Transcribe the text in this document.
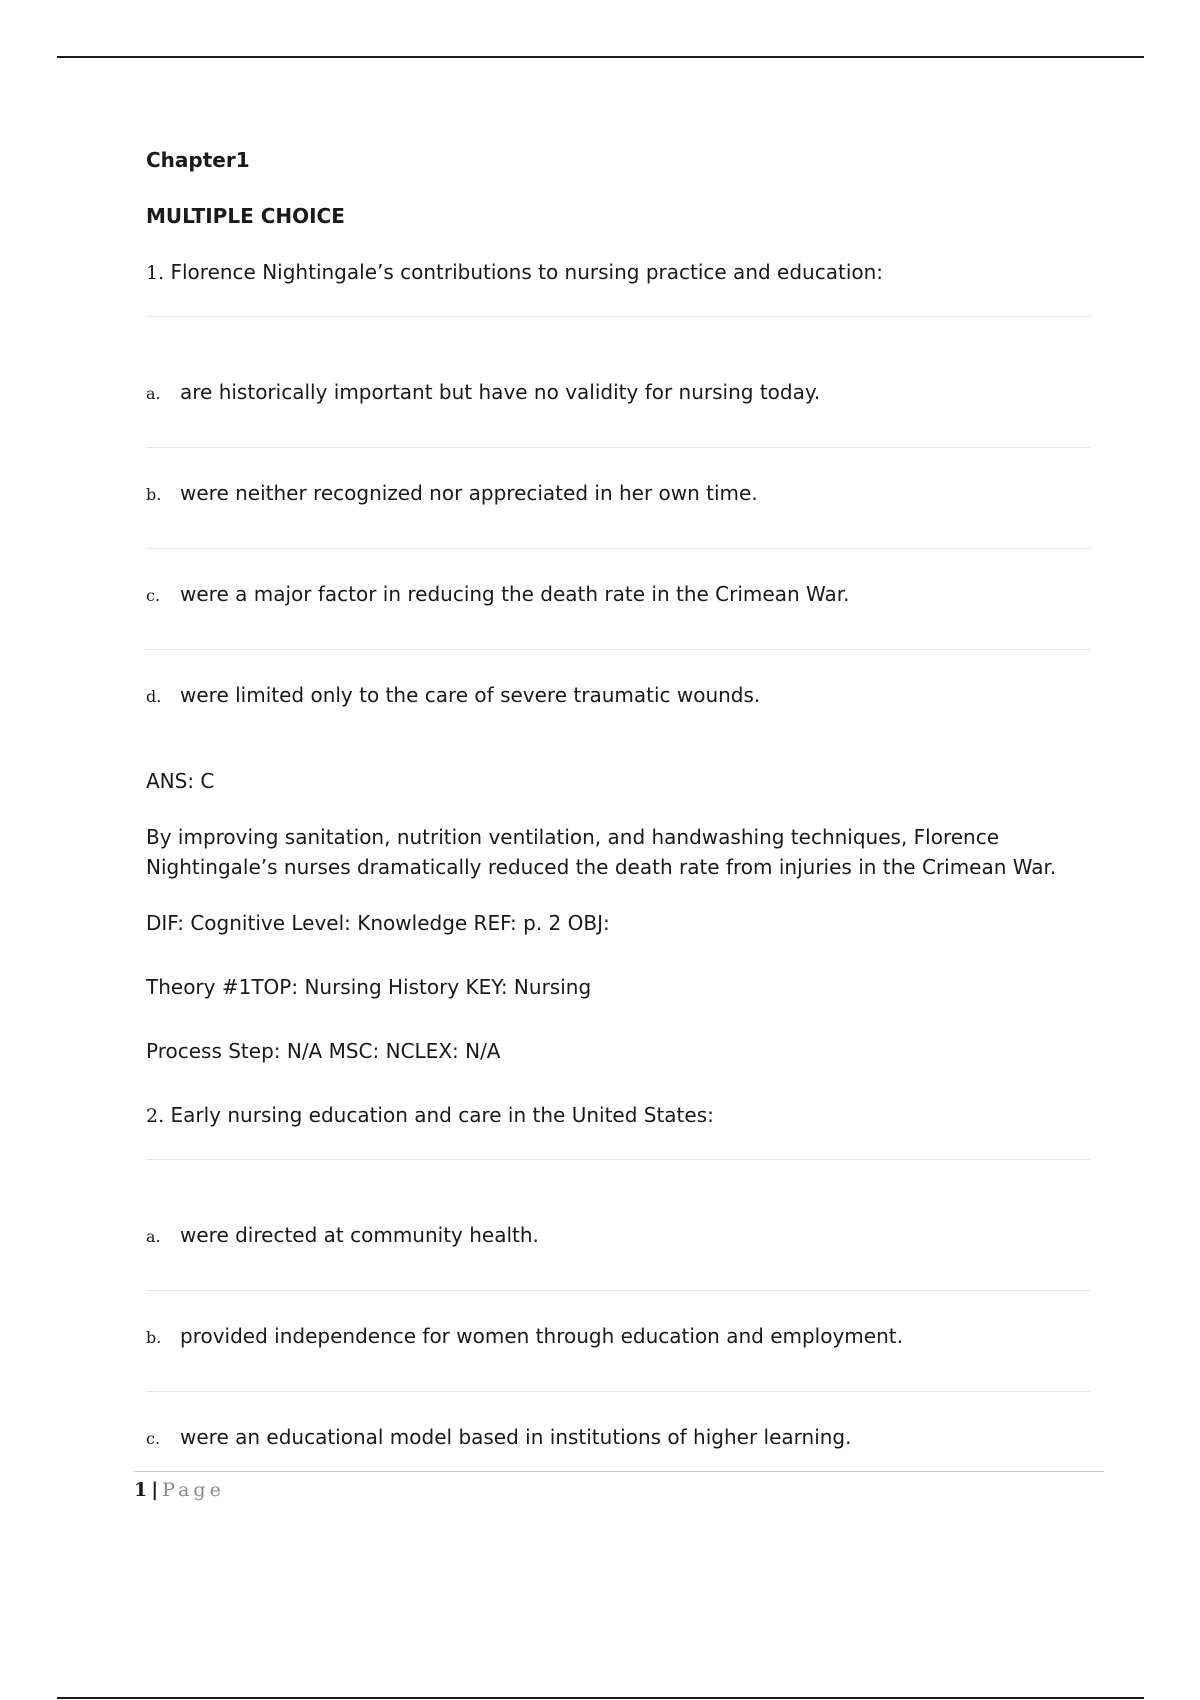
Chapter1
MULTIPLE CHOICE

1. Florence Nightingale’s contributions to nursing practice and education:

a. are historically important but have no validity for nursing today.
b. were neither recognized nor appreciated in her own time.
c. were a major factor in reducing the death rate in the Crimean War.
d. were limited only to the care of severe traumatic wounds.

ANS: C

By improving sanitation, nutrition ventilation, and handwashing techniques, Florence Nightingale’s nurses dramatically reduced the death rate from injuries in the Crimean War.

DIF: Cognitive Level: Knowledge REF: p. 2 OBJ:

Theory #1TOP: Nursing History KEY: Nursing

Process Step: N/A MSC: NCLEX: N/A

2. Early nursing education and care in the United States:

a. were directed at community health.
b. provided independence for women through education and employment.
c. were an educational model based in institutions of higher learning.
1 | Page
